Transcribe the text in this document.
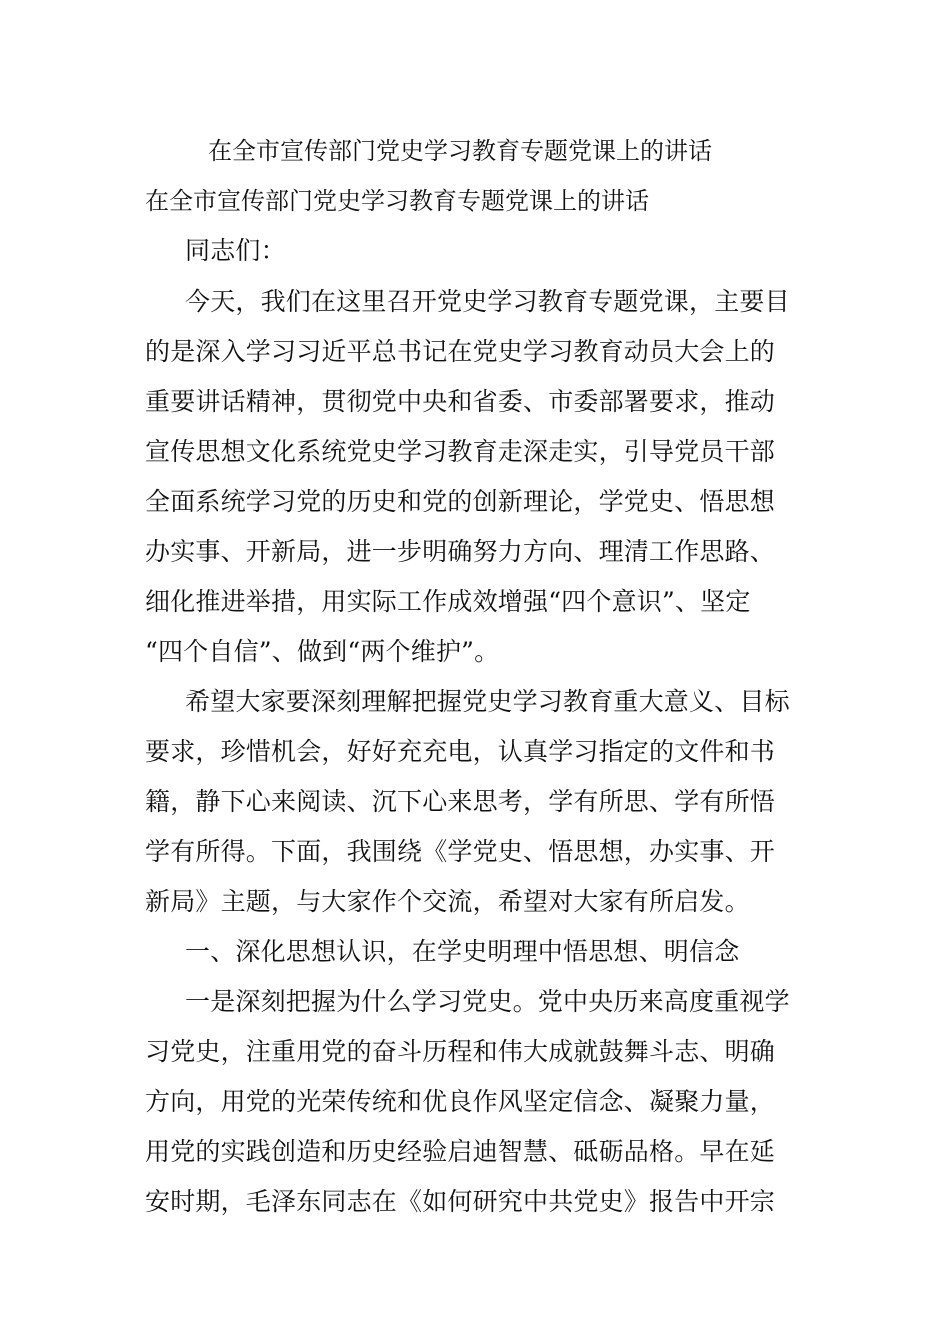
在全市宣传部门党史学习教育专题党课上的讲话
在全市宣传部门党史学习教育专题党课上的讲话
同志们：
今天，我们在这里召开党史学习教育专题党课，主要目
的是深入学习习近平总书记在党史学习教育动员大会上的
重要讲话精神，贯彻党中央和省委、市委部署要求，推动
宣传思想文化系统党史学习教育走深走实，引导党员干部
全面系统学习党的历史和党的创新理论，学党史、悟思想
办实事、开新局，进一步明确努力方向、理清工作思路、
细化推进举措，用实际工作成效增强“四个意识”、坚定
“四个自信”、做到“两个维护”。
希望大家要深刻理解把握党史学习教育重大意义、目标
要求，珍惜机会，好好充充电，认真学习指定的文件和书
籍，静下心来阅读、沉下心来思考，学有所思、学有所悟
学有所得。下面，我围绕《学党史、悟思想，办实事、开
新局》主题，与大家作个交流，希望对大家有所启发。
一、深化思想认识，在学史明理中悟思想、明信念
一是深刻把握为什么学习党史。党中央历来高度重视学
习党史，注重用党的奋斗历程和伟大成就鼓舞斗志、明确
方向，用党的光荣传统和优良作风坚定信念、凝聚力量，
用党的实践创造和历史经验启迪智慧、砥砺品格。早在延
安时期，毛泽东同志在《如何研究中共党史》报告中开宗
